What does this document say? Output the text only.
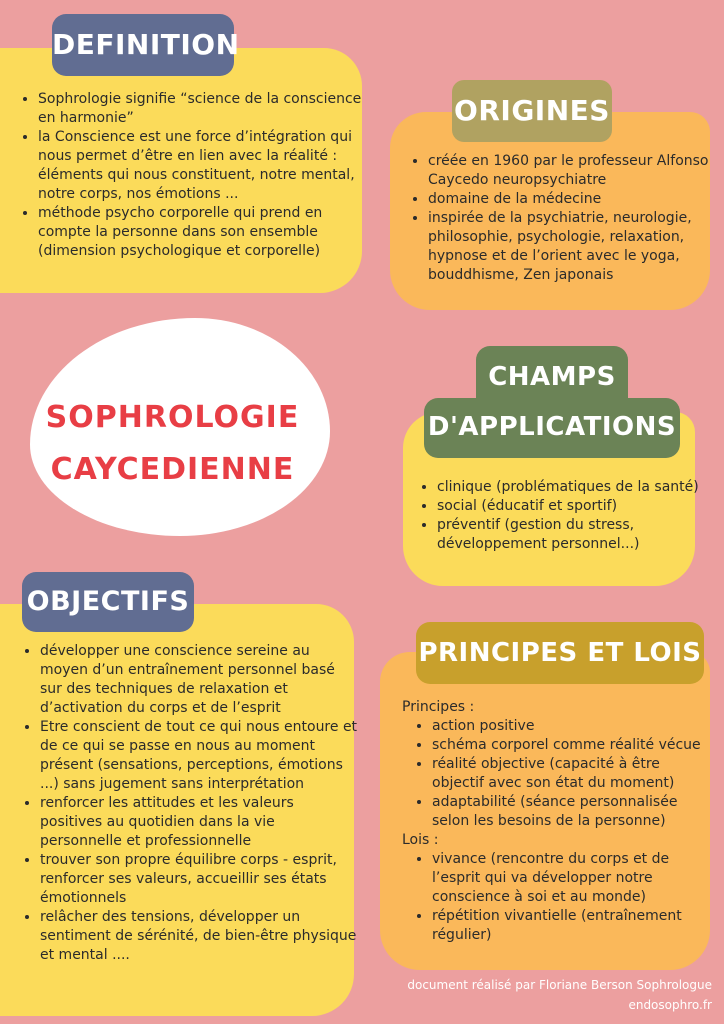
• Sophrologie signifie “science de la conscience en harmonie”
• la Conscience est une force d’intégration qui nous permet d’être en lien avec la réalité : éléments qui nous constituent, notre mental, notre corps, nos émotions ...
• méthode psycho corporelle qui prend en compte la personne dans son ensemble (dimension psychologique et corporelle)
DEFINITION
• créée en 1960 par le professeur Alfonso Caycedo neuropsychiatre
• domaine de la médecine
• inspirée de la psychiatrie, neurologie, philosophie, psychologie, relaxation, hypnose et de l’orient avec le yoga, bouddhisme, Zen japonais
ORIGINES
SOPHROLOGIE
CAYCEDIENNE
•	clinique (problématiques de la santé)
• social (éducatif et sportif)
• préventif (gestion du stress, développement personnel...)
CHAMPS
D'APPLICATIONS
• développer une conscience sereine au moyen d’un entraînement personnel basé sur des techniques de relaxation et d’activation du corps et de l’esprit
• Etre conscient de tout ce qui nous entoure et de ce qui se passe en nous au moment présent (sensations, perceptions, émotions ...) sans jugement sans interprétation
• renforcer les attitudes et les valeurs positives au quotidien dans la vie personnelle et professionnelle
• trouver son propre équilibre corps - esprit, renforcer ses valeurs, accueillir ses états émotionnels
• relâcher des tensions, développer un sentiment de sérénité, de bien-être physique et mental ....
OBJECTIFS
Principes :
• action positive
• schéma corporel comme réalité vécue
• réalité objective (capacité à être objectif avec son état du moment)
• adaptabilité (séance personnalisée selon les besoins de la personne)
Lois :
• vivance (rencontre du corps et de l’esprit qui va développer notre conscience à soi et au monde)
• répétition vivantielle (entraînement régulier)
PRINCIPES ET LOIS
document réalisé par Floriane Berson Sophrologue
endosophro.fr
